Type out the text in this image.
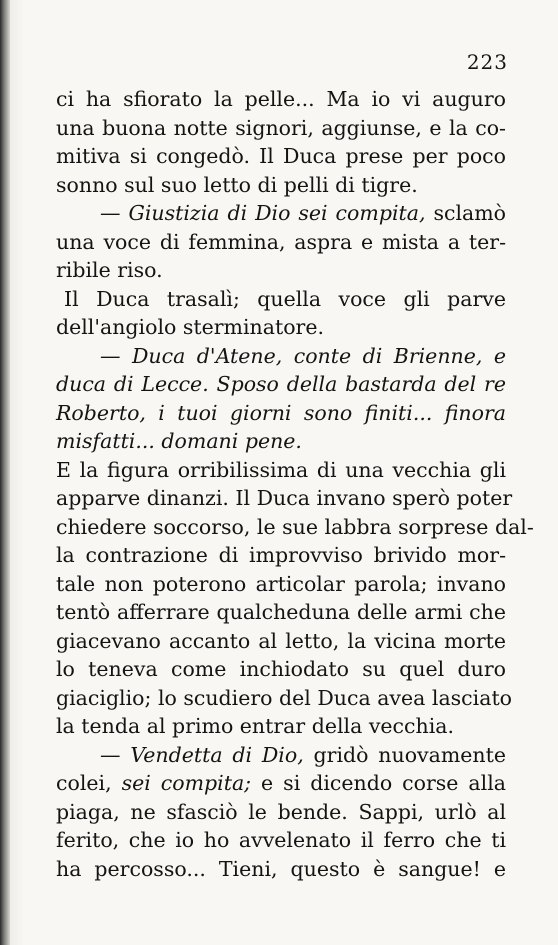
223
ci ha sfiorato la pelle... Ma io vi auguro
una buona notte signori, aggiunse, e la co-
mitiva si congedò. Il Duca prese per poco
sonno sul suo letto di pelli di tigre.
— Giustizia di Dio sei compita, sclamò
una voce di femmina, aspra e mista a ter-
ribile riso.
Il Duca trasalì; quella voce gli parve
dell'angiolo sterminatore.
— Duca d'Atene, conte di Brienne, e
duca di Lecce. Sposo della bastarda del re
Roberto, i tuoi giorni sono finiti... finora
misfatti... domani pene.
E la figura orribilissima di una vecchia gli
apparve dinanzi. Il Duca invano sperò poter
chiedere soccorso, le sue labbra sorprese dal-
la contrazione di improvviso brivido mor-
tale non poterono articolar parola; invano
tentò afferrare qualcheduna delle armi che
giacevano accanto al letto, la vicina morte
lo teneva come inchiodato su quel duro
giaciglio; lo scudiero del Duca avea lasciato
la tenda al primo entrar della vecchia.
— Vendetta di Dio, gridò nuovamente
colei, sei compita; e si dicendo corse alla
piaga, ne sfasciò le bende. Sappi, urlò al
ferito, che io ho avvelenato il ferro che ti
ha percosso... Tieni, questo è sangue! e
